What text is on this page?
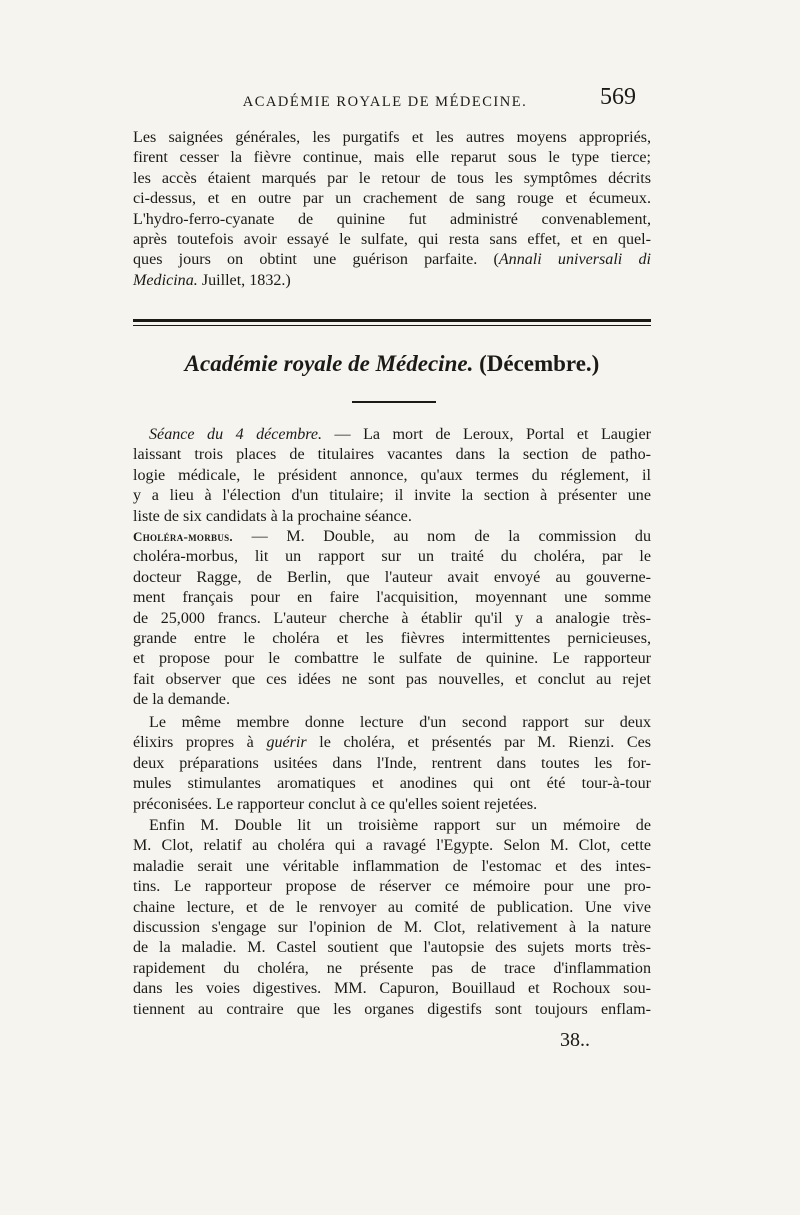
ACADÉMIE ROYALE DE MÉDECINE.	569
Les saignées générales, les purgatifs et les autres moyens appropriés,
firent cesser la fièvre continue, mais elle reparut sous le type tierce;
les accès étaient marqués par le retour de tous les symptômes décrits
ci-dessus, et en outre par un crachement de sang rouge et écumeux.
L'hydro-ferro-cyanate de quinine fut administré convenablement,
après toutefois avoir essayé le sulfate, qui resta sans effet, et en quel-
ques jours on obtint une guérison parfaite. (Annali universali di
Medicina. Juillet, 1832.)
Académie royale de Médecine. (Décembre.)
Séance du 4 décembre. — La mort de Leroux, Portal et Laugier
laissant trois places de titulaires vacantes dans la section de patho-
logie médicale, le président annonce, qu'aux termes du réglement, il
y a lieu à l'élection d'un titulaire; il invite la section à présenter une
liste de six candidats à la prochaine séance.
Choléra-morbus. — M. Double, au nom de la commission du
choléra-morbus, lit un rapport sur un traité du choléra, par le
docteur Ragge, de Berlin, que l'auteur avait envoyé au gouverne-
ment français pour en faire l'acquisition, moyennant une somme
de 25,000 francs. L'auteur cherche à établir qu'il y a analogie très-
grande entre le choléra et les fièvres intermittentes pernicieuses,
et propose pour le combattre le sulfate de quinine. Le rapporteur
fait observer que ces idées ne sont pas nouvelles, et conclut au rejet
de la demande.
Le même membre donne lecture d'un second rapport sur deux
élixirs propres à guérir le choléra, et présentés par M. Rienzi. Ces
deux préparations usitées dans l'Inde, rentrent dans toutes les for-
mules stimulantes aromatiques et anodines qui ont été tour-à-tour
préconisées. Le rapporteur conclut à ce qu'elles soient rejetées.
Enfin M. Double lit un troisième rapport sur un mémoire de
M. Clot, relatif au choléra qui a ravagé l'Egypte. Selon M. Clot, cette
maladie serait une véritable inflammation de l'estomac et des intes-
tins. Le rapporteur propose de réserver ce mémoire pour une pro-
chaine lecture, et de le renvoyer au comité de publication. Une vive
discussion s'engage sur l'opinion de M. Clot, relativement à la nature
de la maladie. M. Castel soutient que l'autopsie des sujets morts très-
rapidement du choléra, ne présente pas de trace d'inflammation
dans les voies digestives. MM. Capuron, Bouillaud et Rochoux sou-
tiennent au contraire que les organes digestifs sont toujours enflam-
38..
